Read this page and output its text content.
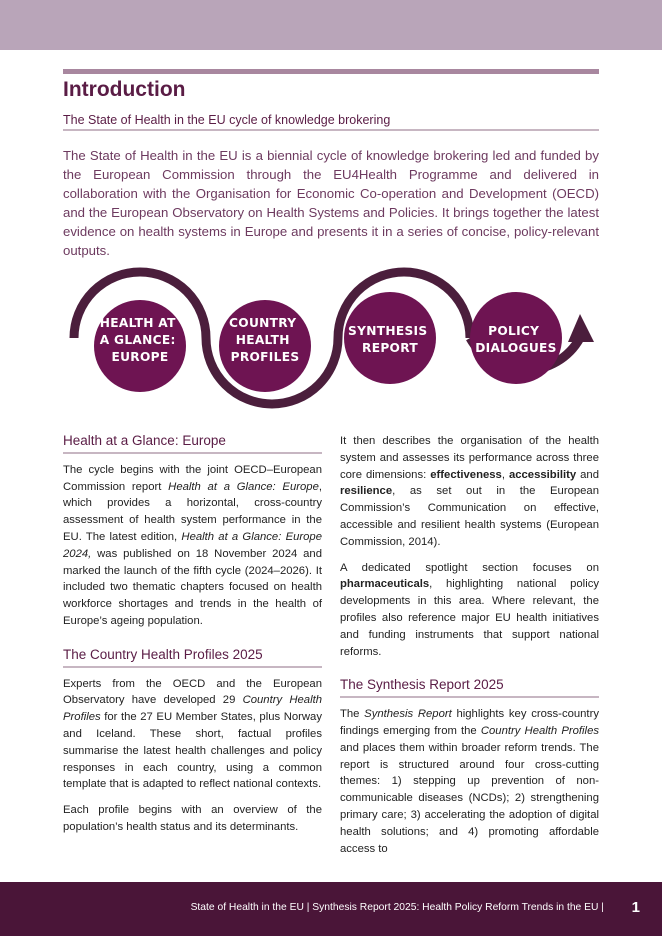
Introduction
The State of Health in the EU cycle of knowledge brokering

The State of Health in the EU is a biennial cycle of knowledge brokering led and funded by the European Commission through the EU4Health Programme and delivered in collaboration with the Organisation for Economic Co-operation and Development (OECD) and the European Observatory on Health Systems and Policies. It brings together the latest evidence on health systems in Europe and presents it in a series of concise, policy-relevant outputs.

HEALTH AT A GLANCE: EUROPE
COUNTRY HEALTH PROFILES
SYNTHESIS REPORT
POLICY DIALOGUES
Health at a Glance: Europe

The cycle begins with the joint OECD–European Commission report Health at a Glance: Europe, which provides a horizontal, cross-country assessment of health system performance in the EU. The latest edition, Health at a Glance: Europe 2024, was published on 18 November 2024 and marked the launch of the fifth cycle (2024–2026). It included two thematic chapters focused on health workforce shortages and trends in the health of Europe’s ageing population.

The Country Health Profiles 2025

Experts from the OECD and the European Observatory have developed 29 Country Health Profiles for the 27 EU Member States, plus Norway and Iceland. These short, factual profiles summarise the latest health challenges and policy responses in each country, using a common template that is adapted to reflect national contexts.

Each profile begins with an overview of the population’s health status and its determinants.

It then describes the organisation of the health system and assesses its performance across three core dimensions: effectiveness, accessibility and resilience, as set out in the European Commission’s Communication on effective, accessible and resilient health systems (European Commission, 2014).

A dedicated spotlight section focuses on pharmaceuticals, highlighting national policy developments in this area. Where relevant, the profiles also reference major EU health initiatives and funding instruments that support national reforms.

The Synthesis Report 2025

The Synthesis Report highlights key cross-country findings emerging from the Country Health Profiles and places them within broader reform trends. The report is structured around four cross-cutting themes: 1) stepping up prevention of non-communicable diseases (NCDs); 2) strengthening primary care; 3) accelerating the adoption of digital health solutions; and 4) promoting affordable access to

State of Health in the EU | Synthesis Report 2025: Health Policy Reform Trends in the EU | 1
